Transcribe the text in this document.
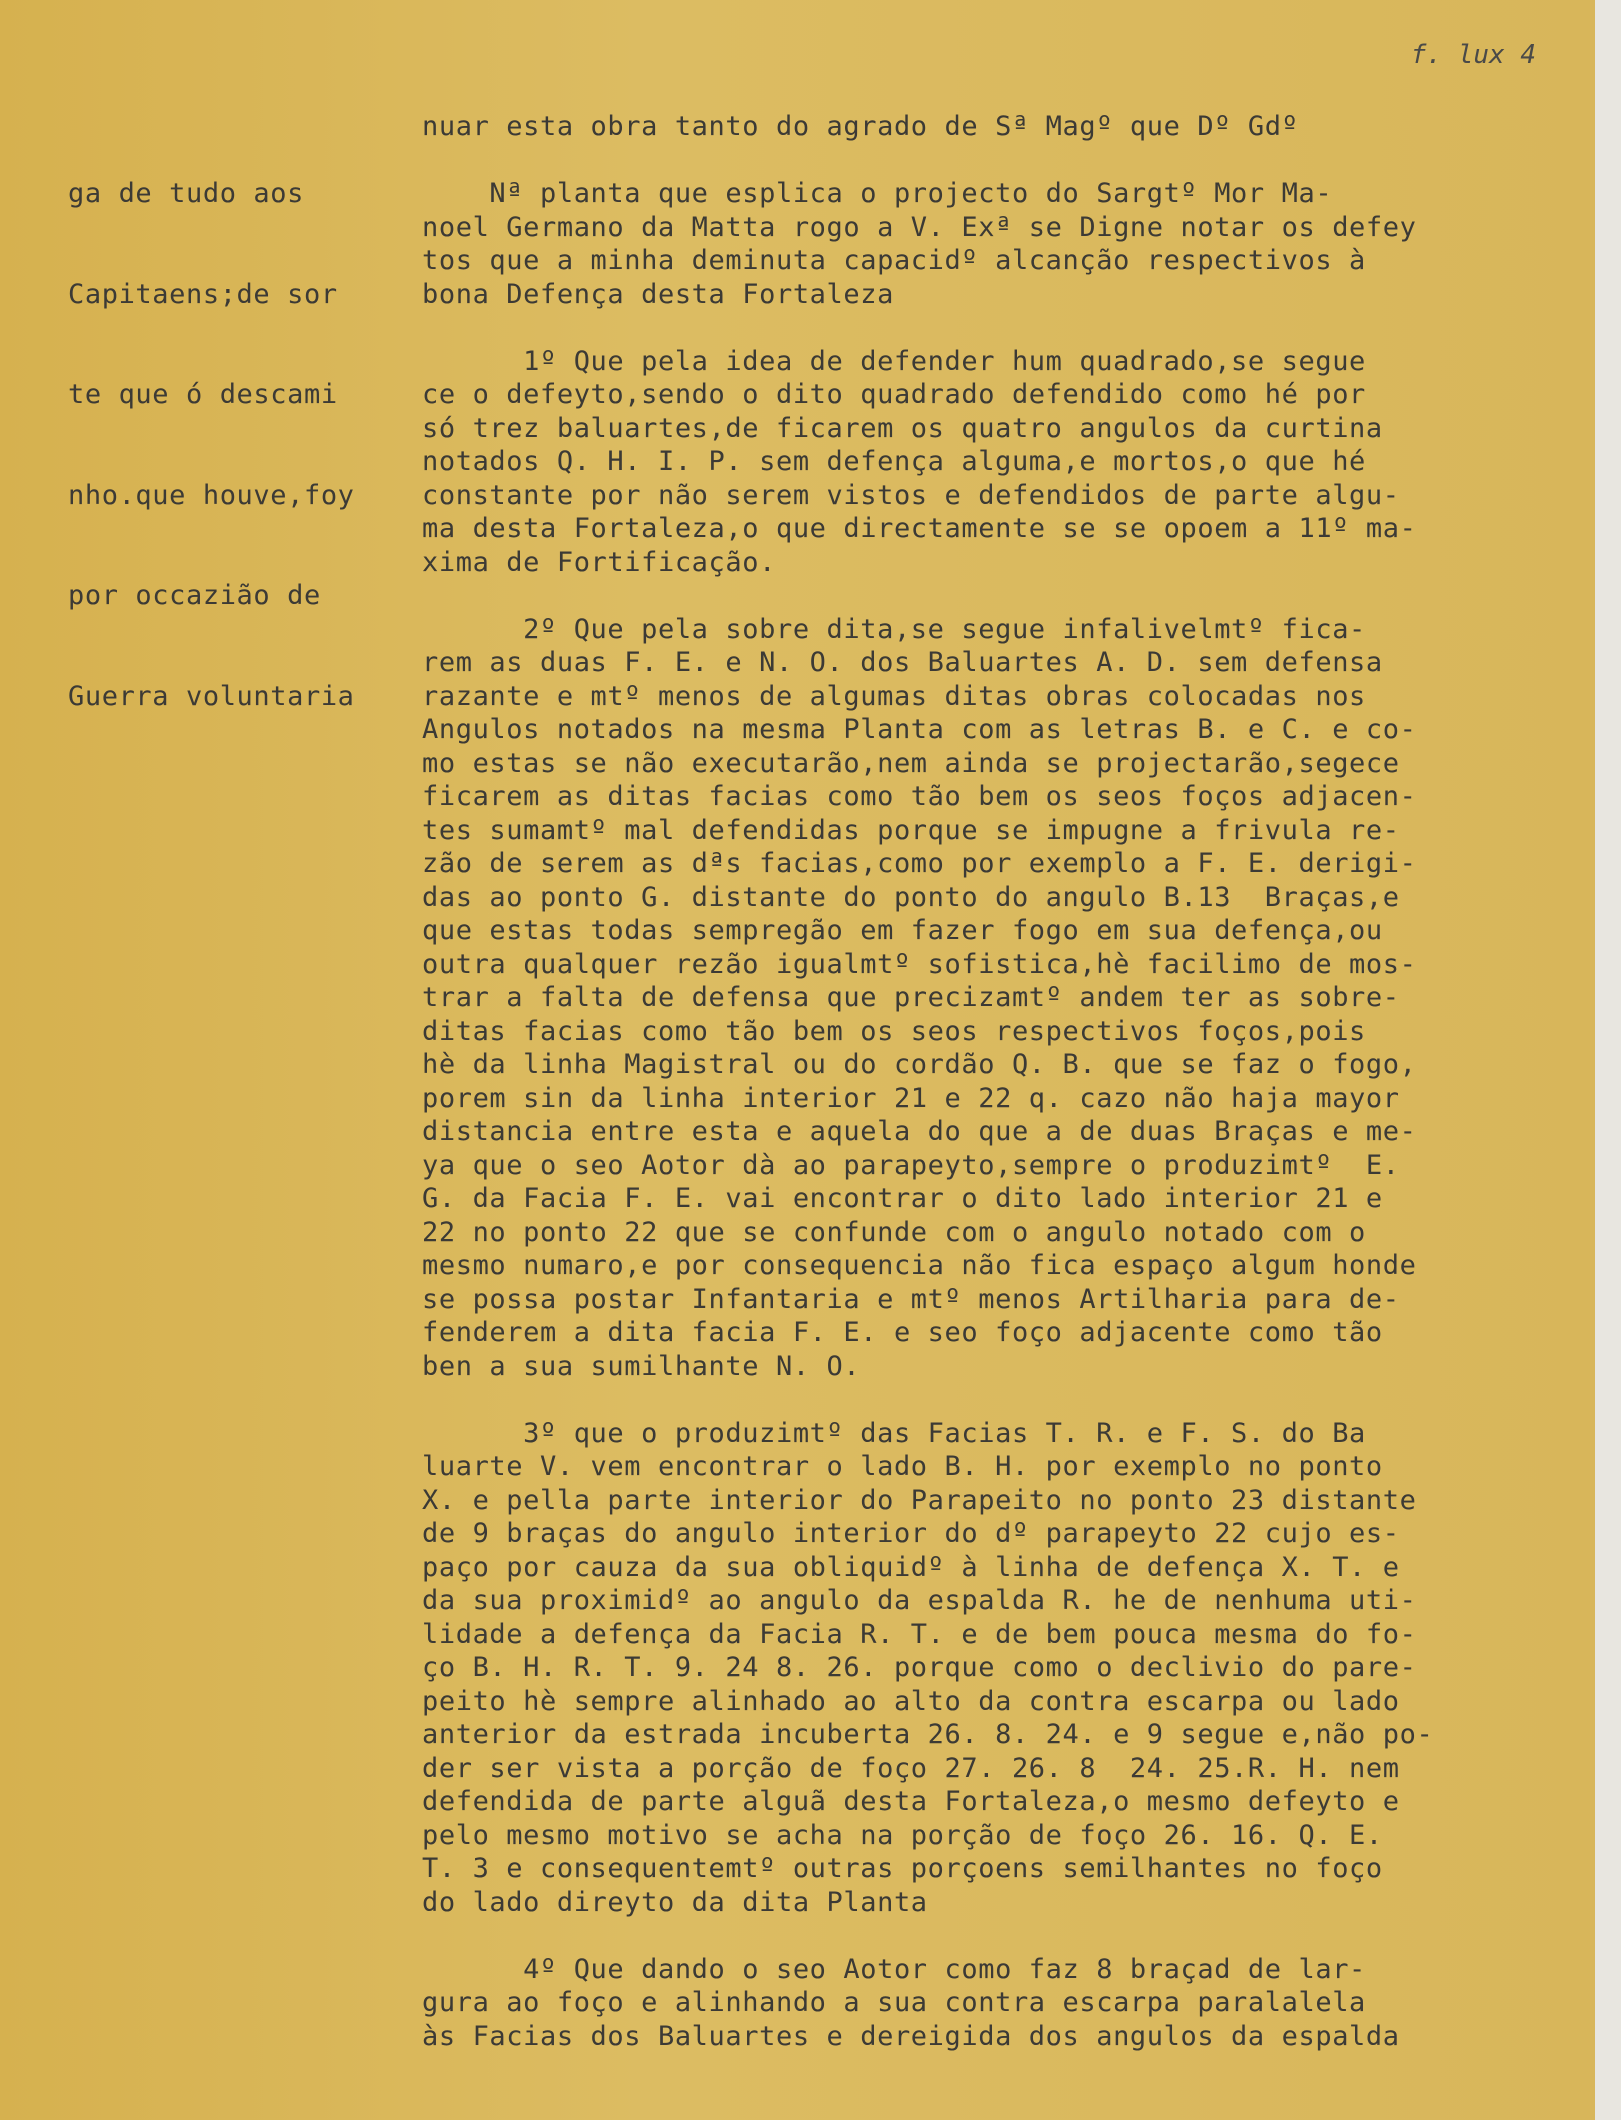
f. lux 4

ga de tudo aos

Capitaens;de sor

te que ó descami

nho.que houve,foy

por occazião de

Guerra voluntaria

nuar esta obra tanto do agrado de Sª Magº que Dº Gdº

Nª planta que esplica o projecto do Sargtº Mor Ma-

noel Germano da Matta rogo a V. Exª se Digne notar os defey

tos que a minha deminuta capacidº alcanção respectivos à

bona Defença desta Fortaleza

1º Que pela idea de defender hum quadrado,se segue

ce o defeyto,sendo o dito quadrado defendido como hé por

só trez baluartes,de ficarem os quatro angulos da curtina

notados Q. H. I. P. sem defença alguma,e mortos,o que hé

constante por não serem vistos e defendidos de parte algu-

ma desta Fortaleza,o que directamente se se opoem a 11º ma-

xima de Fortificação.

2º Que pela sobre dita,se segue infalivelmtº fica-

rem as duas F. E. e N. O. dos Baluartes A. D. sem defensa

razante e mtº menos de algumas ditas obras colocadas nos

Angulos notados na mesma Planta com as letras B. e C. e co-

mo estas se não executarão,nem ainda se projectarão,segece

ficarem as ditas facias como tão bem os seos foços adjacen-

tes sumamtº mal defendidas porque se impugne a frivula re-

zão de serem as dªs facias,como por exemplo a F. E. derigi-

das ao ponto G. distante do ponto do angulo B.13  Braças,e

que estas todas sempregão em fazer fogo em sua defença,ou

outra qualquer rezão igualmtº sofistica,hè facilimo de mos-

trar a falta de defensa que precizamtº andem ter as sobre-

ditas facias como tão bem os seos respectivos foços,pois

hè da linha Magistral ou do cordão Q. B. que se faz o fogo,

porem sin da linha interior 21 e 22 q. cazo não haja mayor

distancia entre esta e aquela do que a de duas Braças e me-

ya que o seo Aotor dà ao parapeyto,sempre o produzimtº  E.

G. da Facia F. E. vai encontrar o dito lado interior 21 e

22 no ponto 22 que se confunde com o angulo notado com o

mesmo numaro,e por consequencia não fica espaço algum honde

se possa postar Infantaria e mtº menos Artilharia para de-

fenderem a dita facia F. E. e seo foço adjacente como tão

ben a sua sumilhante N. O.

3º que o produzimtº das Facias T. R. e F. S. do Ba

luarte V. vem encontrar o lado B. H. por exemplo no ponto

X. e pella parte interior do Parapeito no ponto 23 distante

de 9 braças do angulo interior do dº parapeyto 22 cujo es-

paço por cauza da sua obliquidº à linha de defença X. T. e

da sua proximidº ao angulo da espalda R. he de nenhuma uti-

lidade a defença da Facia R. T. e de bem pouca mesma do fo-

ço B. H. R. T. 9. 24 8. 26. porque como o declivio do pare-

peito hè sempre alinhado ao alto da contra escarpa ou lado

anterior da estrada incuberta 26. 8. 24. e 9 segue e,não po-

der ser vista a porção de foço 27. 26. 8  24. 25.R. H. nem

defendida de parte alguã desta Fortaleza,o mesmo defeyto e

pelo mesmo motivo se acha na porção de foço 26. 16. Q. E.

T. 3 e consequentemtº outras porçoens semilhantes no foço

do lado direyto da dita Planta

4º Que dando o seo Aotor como faz 8 braçad de lar-

gura ao foço e alinhando a sua contra escarpa paralalela

às Facias dos Baluartes e dereigida dos angulos da espalda
